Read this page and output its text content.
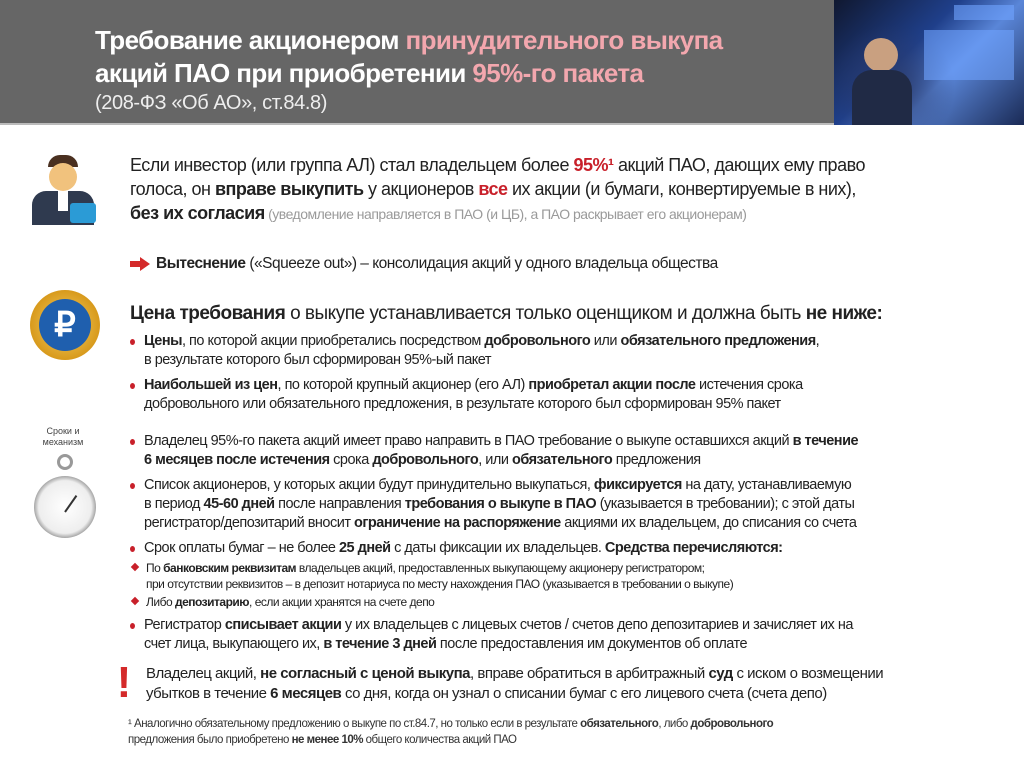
Требование акционером принудительного выкупа
акций ПАО при приобретении 95%-го пакета
(208-ФЗ «Об АО», ст.84.8)
Если инвестор (или группа АЛ) стал владельцем более 95%¹ акций ПАО, дающих ему право
голоса, он вправе выкупить у акционеров все их акции (и бумаги, конвертируемые в них),
без их согласия (уведомление направляется в ПАО (и ЦБ), а ПАО раскрывает его акционерам)

Вытеснение («Squeeze out») – консолидация акций у одного владельца общества

₽	Цена требования о выкупе устанавливается только оценщиком и должна быть не ниже:
Цены, по которой акции приобретались посредством добровольного или обязательного предложения,
в результате которого был сформирован 95%-ый пакет
Наибольшей из цен, по которой крупный акционер (его АЛ) приобретал акции после истечения срока
добровольного или обязательного предложения, в результате которого был сформирован 95% пакет
Сроки и
механизм	Владелец 95%-го пакета акций имеет право направить в ПАО требование о выкупе оставшихся акций в течение
6 месяцев после истечения срока добровольного, или обязательного предложения
Список акционеров, у которых акции будут принудительно выкупаться, фиксируется на дату, устанавливаемую
в период 45-60 дней после направления требования о выкупе в ПАО (указывается в требовании); с этой даты
регистратор/депозитарий вносит ограничение на распоряжение акциями их владельцем, до списания со счета
Срок оплаты бумаг – не более 25 дней с даты фиксации их владельцев. Средства перечисляются:
По банковским реквизитам владельцев акций, предоставленных выкупающему акционеру регистратором;
при отсутствии реквизитов – в депозит нотариуса по месту нахождения ПАО (указывается в требовании о выкупе)
Либо депозитарию, если акции хранятся на счете депо
Регистратор списывает акции у их владельцев с лицевых счетов / счетов депо депозитариев и зачисляет их на
счет лица, выкупающего их, в течение 3 дней после предоставления им документов об оплате
! Владелец акций, не согласный с ценой выкупа, вправе обратиться в арбитражный суд с иском о возмещении
убытков в течение 6 месяцев со дня, когда он узнал о списании бумаг с его лицевого счета (счета депо)
¹ Аналогично обязательному предложению о выкупе по ст.84.7, но только если в результате обязательного, либо добровольного
предложения было приобретено не менее 10% общего количества акций ПАО
